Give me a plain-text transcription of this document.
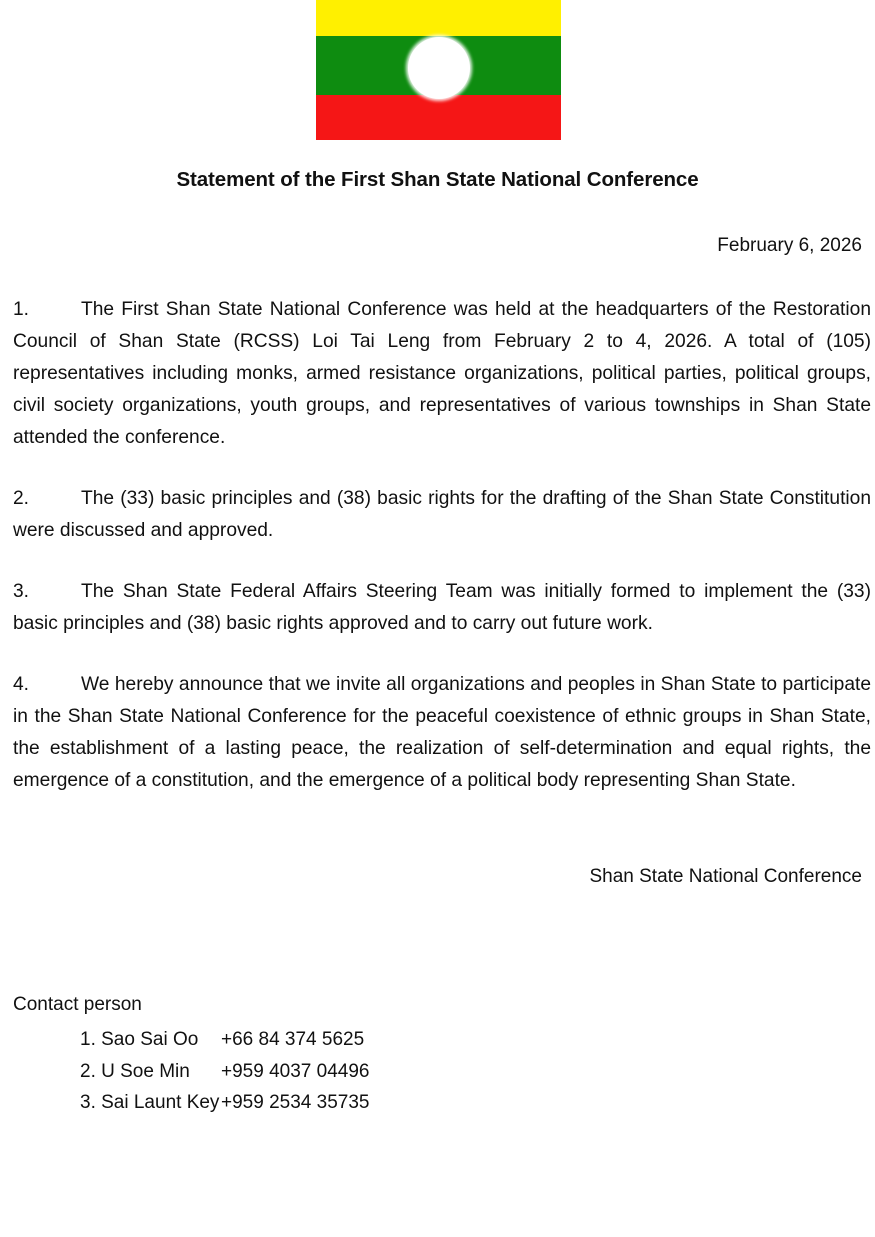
Statement of the First Shan State National Conference
February 6, 2026

1.	The First Shan State National Conference was held at the headquarters of the Restoration Council of Shan State (RCSS) Loi Tai Leng from February 2 to 4, 2026. A total of (105) representatives including monks, armed resistance organizations, political parties, political groups, civil society organizations, youth groups, and representatives of various townships in Shan State attended the conference.

2.	The (33) basic principles and (38) basic rights for the drafting of the Shan State Constitution were discussed and approved.

3.	The Shan State Federal Affairs Steering Team was initially formed to implement the (33) basic principles and (38) basic rights approved and to carry out future work.

4.	We hereby announce that we invite all organizations and peoples in Shan State to participate in the Shan State National Conference for the peaceful coexistence of ethnic groups in Shan State, the establishment of a lasting peace, the realization of self-determination and equal rights, the emergence of a constitution, and the emergence of a political body representing Shan State.

Shan State National Conference

Contact person

1. Sao Sai Oo	+66 84 374 5625
2. U Soe Min	+959 4037 04496
3. Sai Launt Key +959 2534 35735
